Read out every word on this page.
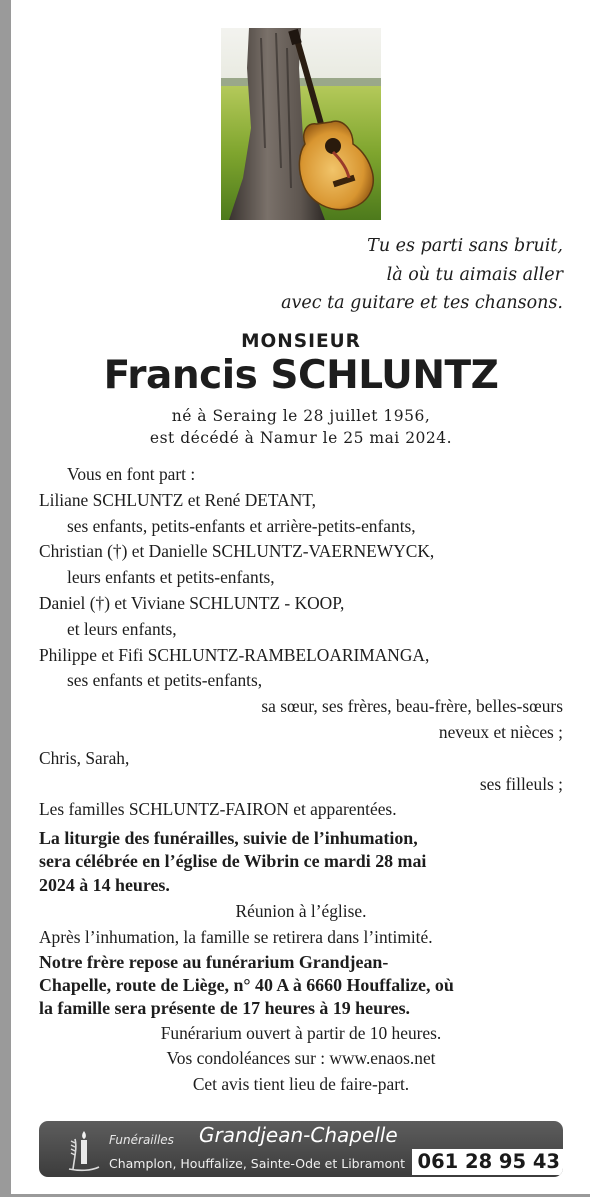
Tu es parti sans bruit,
là où tu aimais aller
avec ta guitare et tes chansons.
MONSIEUR
Francis SCHLUNTZ
né à Seraing le 28 juillet 1956,
est décédé à Namur le 25 mai 2024.
Vous en font part :
Liliane SCHLUNTZ et René DETANT,
ses enfants, petits-enfants et arrière-petits-enfants,
Christian (†) et Danielle SCHLUNTZ-VAERNEWYCK,
leurs enfants et petits-enfants,
Daniel (†) et Viviane SCHLUNTZ - KOOP,
et leurs enfants,
Philippe et Fifi SCHLUNTZ-RAMBELOARIMANGA,
ses enfants et petits-enfants,
sa sœur, ses frères, beau-frère, belles-sœurs
neveux et nièces ;
Chris, Sarah,
ses filleuls ;
Les familles SCHLUNTZ-FAIRON et apparentées.
La liturgie des funérailles, suivie de l’inhumation,
sera célébrée en l’église de Wibrin ce mardi 28 mai
2024 à 14 heures.
Réunion à l’église.
Après l’inhumation, la famille se retirera dans l’intimité.
Notre frère repose au funérarium Grandjean-
Chapelle, route de Liège, n° 40 A à 6660 Houffalize, où
la famille sera présente de 17 heures à 19 heures.
Funérarium ouvert à partir de 10 heures.
Vos condoléances sur : www.enaos.net
Cet avis tient lieu de faire-part.
Funérailles Grandjean-Chapelle
Champlon, Houffalize, Sainte-Ode et Libramont 061 28 95 43
